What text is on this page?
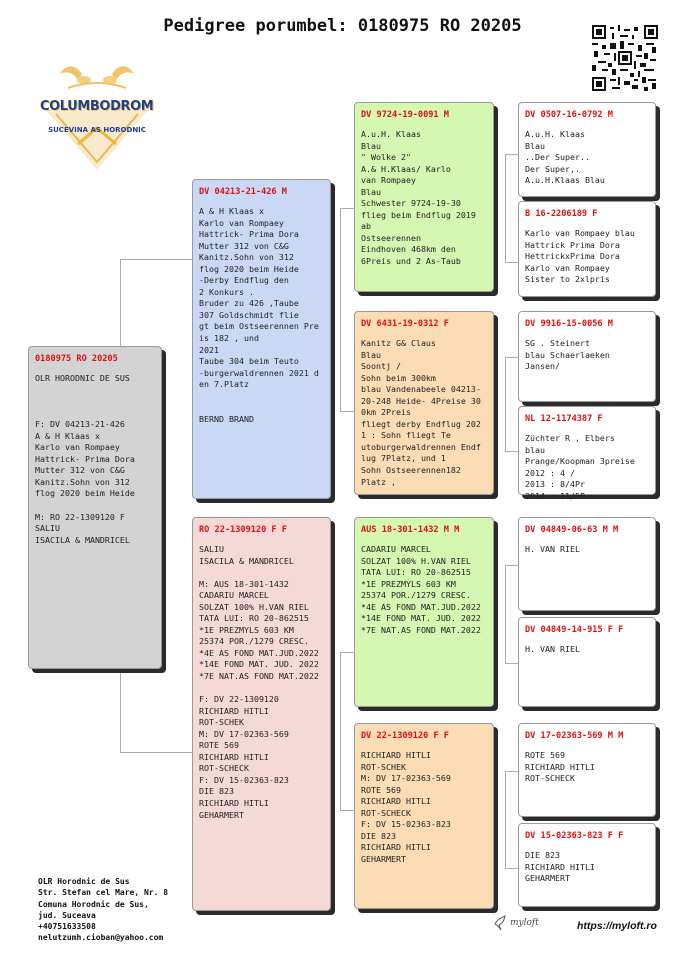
Pedigree porumbel: 0180975 RO 20205
COLUMBODROM
SUCEVINA AS HORODNIC
0180975 RO 20205
OLR HORODNIC DE SUS

F: DV 04213-21-426
A & H Klaas x
Karlo van Rompaey
Hattrick- Prima Dora
Mutter 312 von C&G
Kanitz.Sohn von 312
flog 2020 beim Heide

M: RO 22-1309120 F
SALIU
ISACILA & MANDRICEL
DV 04213-21-426 M
A & H Klaas x
Karlo van Rompaey
Hattrick- Prima Dora
Mutter 312 von C&G
Kanitz.Sohn von 312
flog 2020 beim Heide
-Derby Endflug den
2 Konkurs .
Bruder zu 426 ,Taube
307 Goldschmidt flie
gt beim Ostseerennen Pre
is 182 , und
2021
Taube 304 beim Teuto
-burgerwaldrennen 2021 d
en 7.Platz

BERND BRAND
RO 22-1309120 F F
SALIU
ISACILA & MANDRICEL

M: AUS 18-301-1432
CADARIU MARCEL
SOLZAT 100% H.VAN RIEL
TATA LUI: RO 20-862515
*1E PREZMYLS 603 KM
25374 POR./1279 CRESC.
*4E AS FOND MAT.JUD.2022
*14E FOND MAT. JUD. 2022
*7E NAT.AS FOND MAT.2022

F: DV 22-1309120
RICHIARD HITLI
ROT-SCHEK
M: DV 17-02363-569
ROTE 569
RICHIARD HITLI
ROT-SCHECK
F: DV 15-02363-823
DIE 823
RICHIARD HITLI
GEHARMERT
DV 9724-19-0091 M
A.u.H. Klaas
Blau
" Wolke 2"
A.& H.Klaas/ Karlo
van Rompaey
Blau
Schwester 9724-19-30
flieg beim Endflug 2019
ab
Ostseerennen
Eindhoven 468km den
6Preis und 2 As-Taub
DV 6431-19-0312 F
Kanitz G& Claus
Blau
Soontj /
Sohn beim 300km
blau Vandenabeele 04213-
20-248 Heide- 4Preise 30
0km 2Preis
fliegt derby Endflug 202
1 : Sohn fliegt Te
utoburgerwaldrennen Endf
lug 7Platz, und 1
Sohn Ostseerennen182
Platz ,
AUS 18-301-1432 M M
CADARIU MARCEL
SOLZAT 100% H.VAN RIEL
TATA LUI: RO 20-862515
*1E PREZMYLS 603 KM
25374 POR./1279 CRESC.
*4E AS FOND MAT.JUD.2022
*14E FOND MAT. JUD. 2022
*7E NAT.AS FOND MAT.2022
DV 22-1309120 F F
RICHIARD HITLI
ROT-SCHEK
M: DV 17-02363-569
ROTE 569
RICHIARD HITLI
ROT-SCHECK
F: DV 15-02363-823
DIE 823
RICHIARD HITLI
GEHARMERT
DV 0507-16-0792 M
A.u.H. Klaas
Blau
..Der Super..
Der Super,.
A.u.H.Klaas Blau
B 16-2206189 F
Karlo van Rompaey blau
Hattrick Prima Dora
HettrickxPrima Dora
Karlo van Rompaey
Sister to 2xlpris
DV 9916-15-0056 M
SG . Steinert
blau Schaerlaeken
Jansen/
NL 12-1174387 F
Züchter R , Elbers
blau
Prange/Koopman 3preise
2012 : 4 /
2013 : 8/4Pr
2014 : 11/5P
DV 04849-06-63 M M
H. VAN RIEL
DV 04849-14-915 F F
H. VAN RIEL
DV 17-02363-569 M M
ROTE 569
RICHIARD HITLI
ROT-SCHECK
DV 15-02363-823 F F
DIE 823
RICHIARD HITLI
GEHARMERT
OLR Horodnic de Sus
Str. Stefan cel Mare, Nr. 8
Comuna Horodnic de Sus,
jud. Suceava
+40751633508
nelutzumh.cioban@yahoo.com
myloft	https://myloft.ro
